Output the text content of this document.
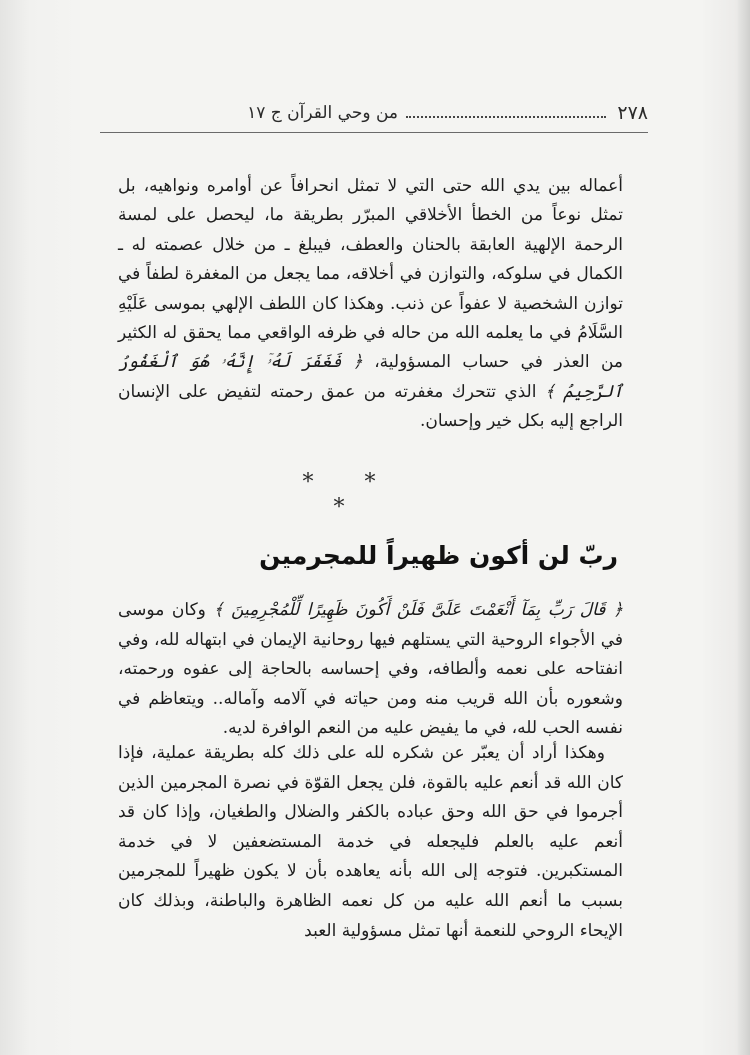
٢٧٨
من وحي القرآن ج ١٧

أعماله بين يدي الله حتى التي لا تمثل انحرافاً عن أوامره ونواهيه، بل تمثل نوعاً من الخطأ الأخلاقي المبرّر بطريقة ما، ليحصل على لمسة الرحمة الإلهية العابقة بالحنان والعطف، فيبلغ ـ من خلال عصمته له ـ الكمال في سلوكه، والتوازن في أخلاقه، مما يجعل من المغفرة لطفاً في توازن الشخصية لا عفواً عن ذنب. وهكذا كان اللطف الإلهي بموسى عَلَيْهِ السَّلَامُ في ما يعلمه الله من حاله في ظرفه الواقعي مما يحقق له الكثير من العذر في حساب المسؤولية، ﴿ فَغَفَرَ لَهُۥٓ إِنَّهُۥ هُوَ ٱلْغَفُورُ ٱلرَّحِيمُ ﴾ الذي تتحرك مغفرته من عمق رحمته لتفيض على الإنسان الراجع إليه بكل خير وإحسان.

* * *
ربّ لن أكون ظهيراً للمجرمين

﴿ قَالَ رَبِّ بِمَآ أَنْعَمْتَ عَلَىَّ فَلَنْ أَكُونَ ظَهِيرًا لِّلْمُجْرِمِينَ ﴾ وكان موسى في الأجواء الروحية التي يستلهم فيها روحانية الإيمان في ابتهاله لله، وفي انفتاحه على نعمه وألطافه، وفي إحساسه بالحاجة إلى عفوه ورحمته، وشعوره بأن الله قريب منه ومن حياته في آلامه وآماله.. ويتعاظم في نفسه الحب لله، في ما يفيض عليه من النعم الوافرة لديه.

وهكذا أراد أن يعبّر عن شكره لله على ذلك كله بطريقة عملية، فإذا كان الله قد أنعم عليه بالقوة، فلن يجعل القوّة في نصرة المجرمين الذين أجرموا في حق الله وحق عباده بالكفر والضلال والطغيان، وإذا كان قد أنعم عليه بالعلم فليجعله في خدمة المستضعفين لا في خدمة المستكبرين. فتوجه إلى الله بأنه يعاهده بأن لا يكون ظهيراً للمجرمين بسبب ما أنعم الله عليه من كل نعمه الظاهرة والباطنة، وبذلك كان الإيحاء الروحي للنعمة أنها تمثل مسؤولية العبد
